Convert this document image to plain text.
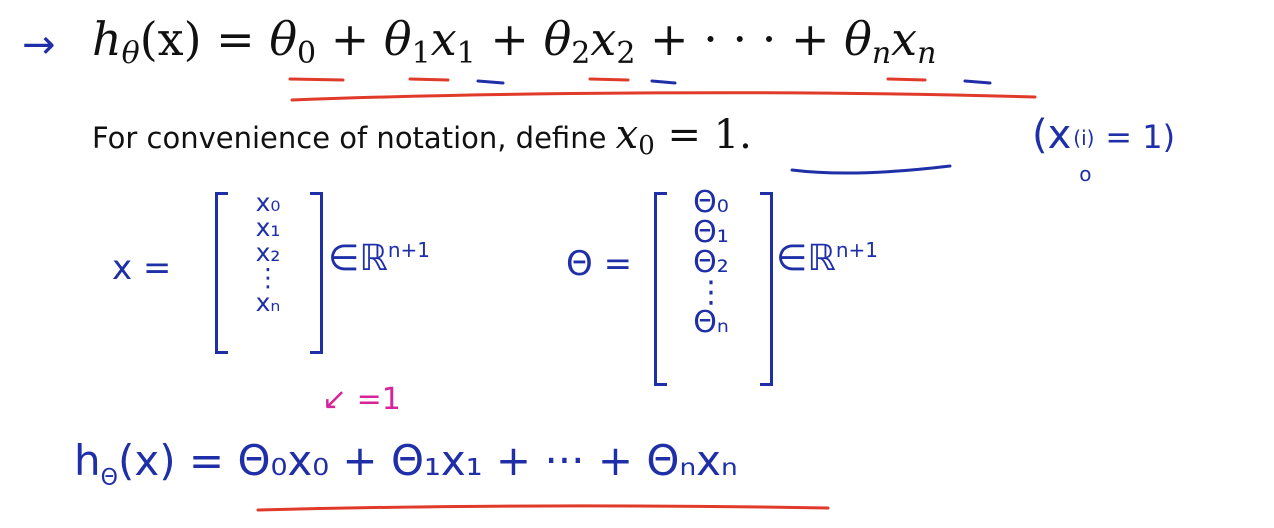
→ $h_\theta(x) = \theta_0 + \theta_1x_1 + \theta_2x_2$ + · · · + $\theta_nx_n$
For convenience of notation, define $x_0 = 1$.	(x (i)
o
= 1)
x =
x₀
x₁
x₂
⋮
xₙ
∈ℝ$^{n+1}$	Θ =
Θ₀
Θ₁
Θ₂
⋮
Θₙ
∈ℝ$^{n+1}$
↙ =1
$h_\Theta(x) = \Theta_0x_0 + \Theta_1x_1$ + ··· + Θₙxₙ
